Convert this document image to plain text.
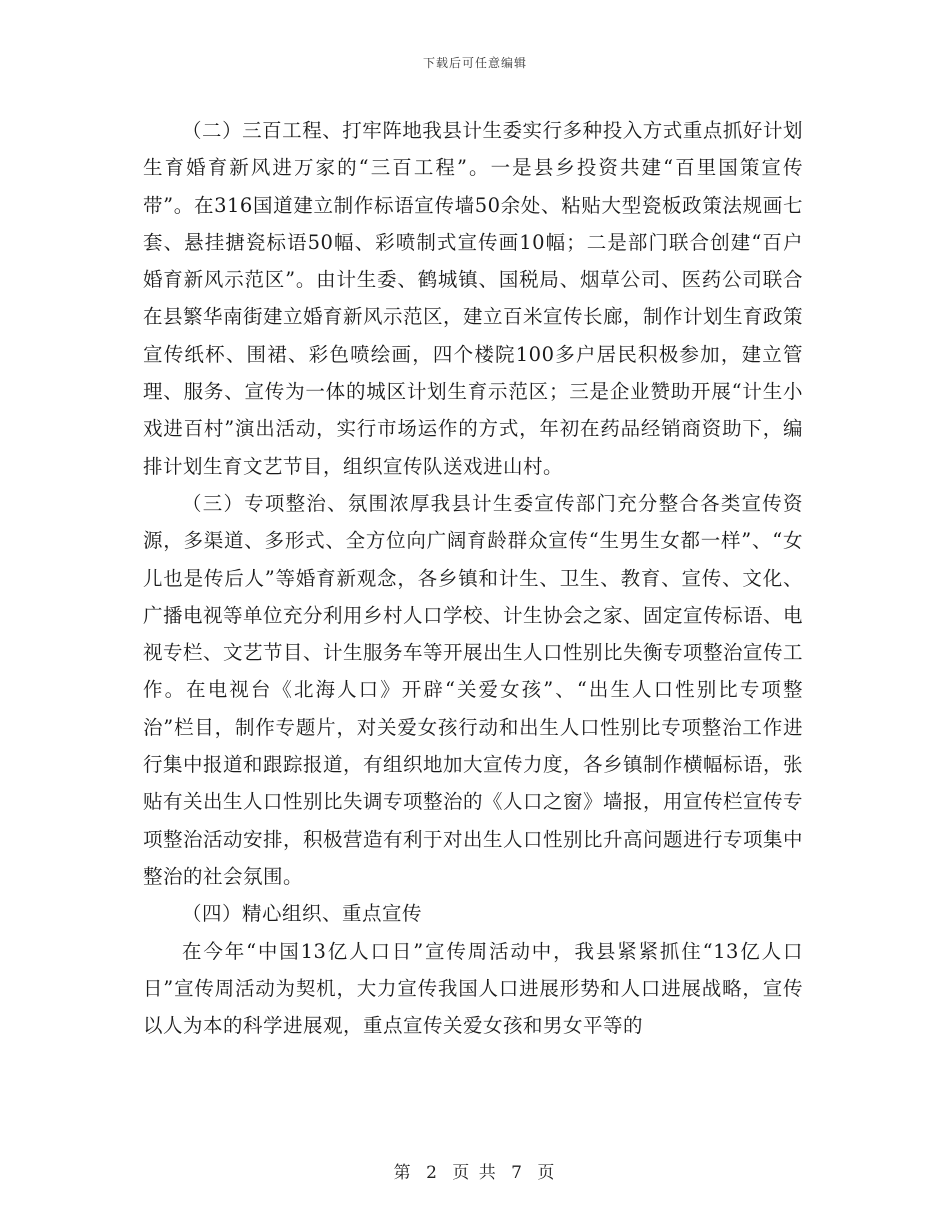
下载后可任意编辑

（二）三百工程、打牢阵地我县计生委实行多种投入方式重点抓好计划生育婚育新风进万家的“三百工程”。一是县乡投资共建“百里国策宣传带”。在316国道建立制作标语宣传墙50余处、粘贴大型瓷板政策法规画七套、悬挂搪瓷标语50幅、彩喷制式宣传画10幅；二是部门联合创建“百户婚育新风示范区”。由计生委、鹤城镇、国税局、烟草公司、医药公司联合在县繁华南街建立婚育新风示范区，建立百米宣传长廊，制作计划生育政策宣传纸杯、围裙、彩色喷绘画，四个楼院100多户居民积极参加，建立管理、服务、宣传为一体的城区计划生育示范区；三是企业赞助开展“计生小戏进百村”演出活动，实行市场运作的方式，年初在药品经销商资助下，编排计划生育文艺节目，组织宣传队送戏进山村。

（三）专项整治、氛围浓厚我县计生委宣传部门充分整合各类宣传资源，多渠道、多形式、全方位向广阔育龄群众宣传“生男生女都一样”、“女儿也是传后人”等婚育新观念，各乡镇和计生、卫生、教育、宣传、文化、广播电视等单位充分利用乡村人口学校、计生协会之家、固定宣传标语、电视专栏、文艺节目、计生服务车等开展出生人口性别比失衡专项整治宣传工作。在电视台《北海人口》开辟“关爱女孩”、“出生人口性别比专项整治”栏目，制作专题片，对关爱女孩行动和出生人口性别比专项整治工作进行集中报道和跟踪报道，有组织地加大宣传力度，各乡镇制作横幅标语，张贴有关出生人口性别比失调专项整治的《人口之窗》墙报，用宣传栏宣传专项整治活动安排，积极营造有利于对出生人口性别比升高问题进行专项集中整治的社会氛围。

（四）精心组织、重点宣传

在今年“中国13亿人口日”宣传周活动中，我县紧紧抓住“13亿人口日”宣传周活动为契机，大力宣传我国人口进展形势和人口进展战略，宣传以人为本的科学进展观，重点宣传关爱女孩和男女平等的

第 2 页 共 7 页
